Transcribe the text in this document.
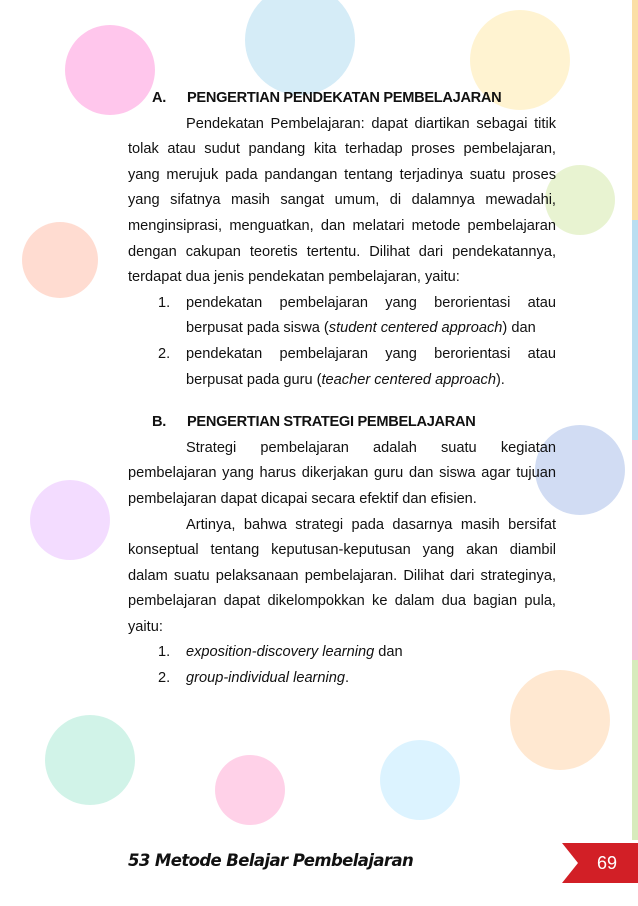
A. PENGERTIAN PENDEKATAN PEMBELAJARAN

Pendekatan Pembelajaran: dapat diartikan sebagai titik tolak atau sudut pandang kita terhadap proses pembelajaran, yang merujuk pada pandangan tentang terjadinya suatu proses yang sifatnya masih sangat umum, di dalamnya mewadahi, menginsiprasi, menguatkan, dan melatari metode pembelajaran dengan cakupan teoretis tertentu. Dilihat dari pendekatannya, terdapat dua jenis pendekatan pembelajaran, yaitu:

1. pendekatan pembelajaran yang berorientasi atau berpusat pada siswa (student centered approach) dan
2. pendekatan pembelajaran yang berorientasi atau berpusat pada guru (teacher centered approach).
B. PENGERTIAN STRATEGI PEMBELAJARAN

Strategi pembelajaran adalah suatu kegiatan pembelajaran yang harus dikerjakan guru dan siswa agar tujuan pembelajaran dapat dicapai secara efektif dan efisien.

Artinya, bahwa strategi pada dasarnya masih bersifat konseptual tentang keputusan-keputusan yang akan diambil dalam suatu pelaksanaan pembelajaran. Dilihat dari strateginya, pembelajaran dapat dikelompokkan ke dalam dua bagian pula, yaitu:

1. exposition-discovery learning dan
2. group-individual learning.
53 Metode Belajar Pembelajaran	69
